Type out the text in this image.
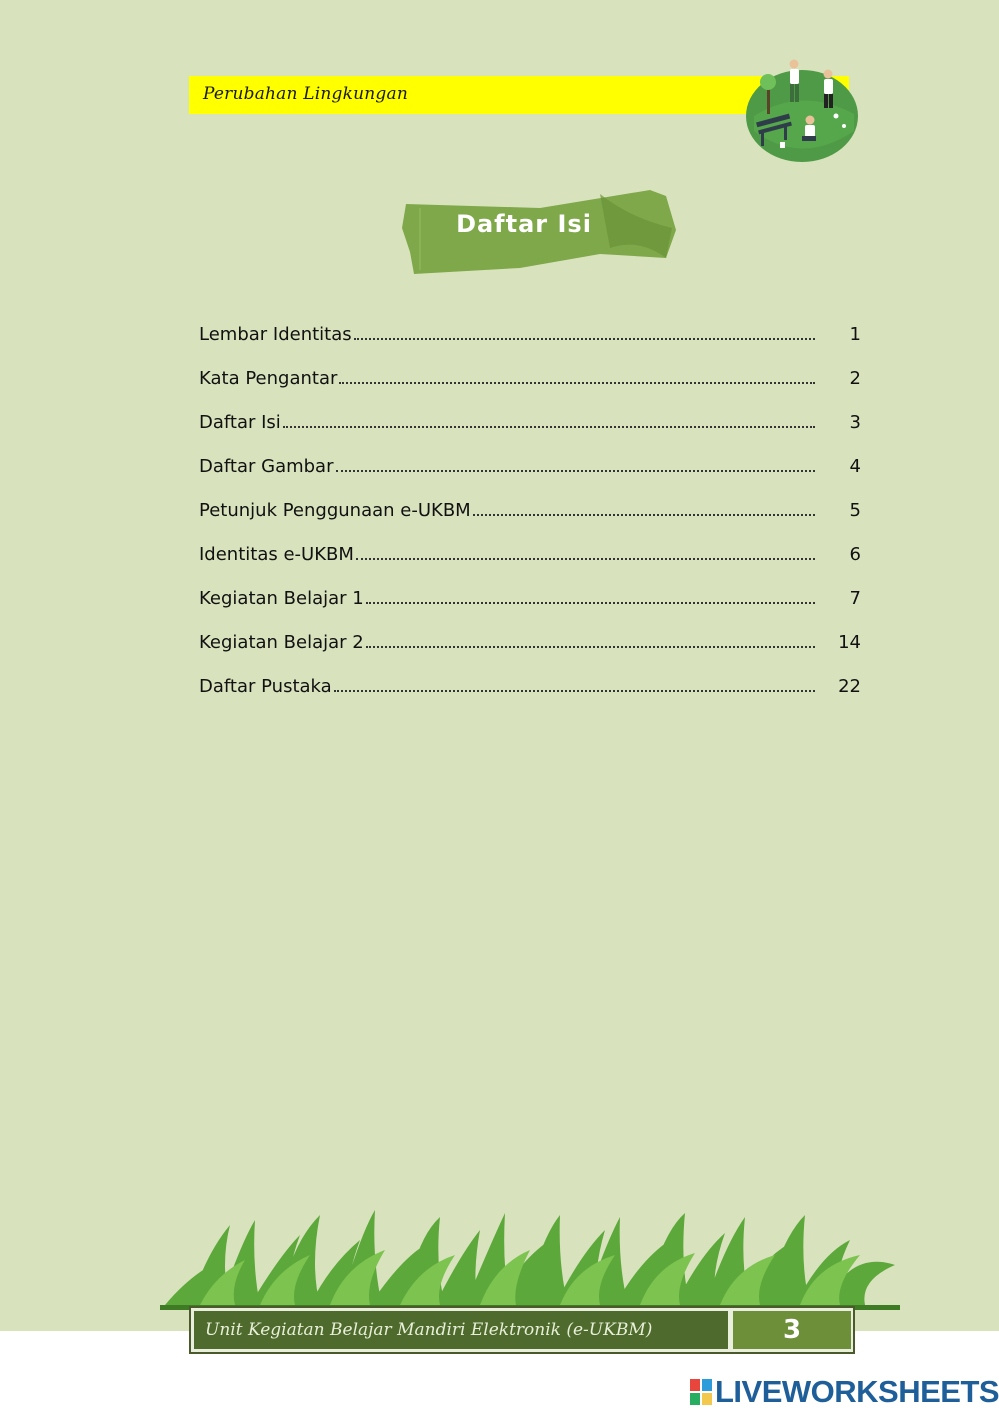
Perubahan Lingkungan
Daftar Isi
Lembar Identitas	1
Kata Pengantar	2
Daftar Isi	3
Daftar Gambar	4
Petunjuk Penggunaan e-UKBM	5
Identitas e-UKBM	6
Kegiatan Belajar 1	7
Kegiatan Belajar 2	14
Daftar Pustaka	22
Unit Kegiatan Belajar Mandiri Elektronik (e-UKBM)	3
LIVEWORKSHEETS
